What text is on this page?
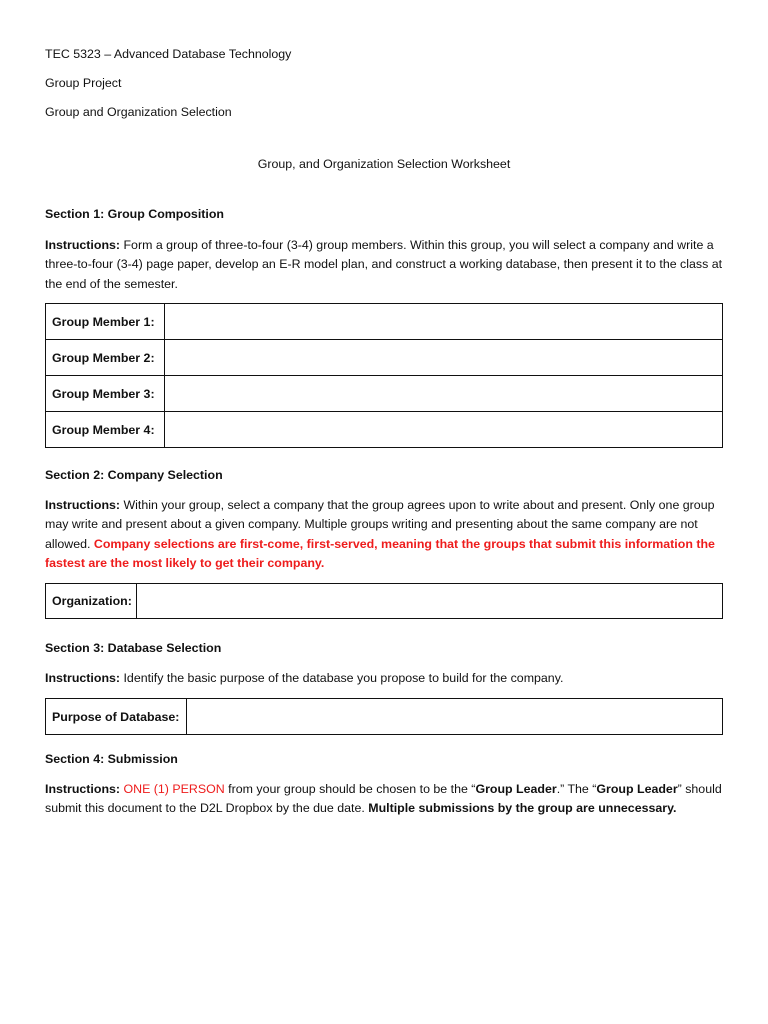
TEC 5323 – Advanced Database Technology
Group Project
Group and Organization Selection
Group, and Organization Selection Worksheet
Section 1: Group Composition
Instructions: Form a group of three-to-four (3-4) group members. Within this group, you will select a company and write a three-to-four (3-4) page paper, develop an E-R model plan, and construct a working database, then present it to the class at the end of the semester.
Group Member 1:	
Group Member 2:	
Group Member 3:	
Group Member 4:	
Section 2: Company Selection
Instructions: Within your group, select a company that the group agrees upon to write about and present. Only one group may write and present about a given company. Multiple groups writing and presenting about the same company are not allowed. Company selections are first-come, first-served, meaning that the groups that submit this information the fastest are the most likely to get their company.
Organization:	
Section 3: Database Selection
Instructions: Identify the basic purpose of the database you propose to build for the company.
Purpose of Database:	
Section 4: Submission
Instructions: ONE (1) PERSON from your group should be chosen to be the “Group Leader.” The “Group Leader” should submit this document to the D2L Dropbox by the due date. Multiple submissions by the group are unnecessary.
